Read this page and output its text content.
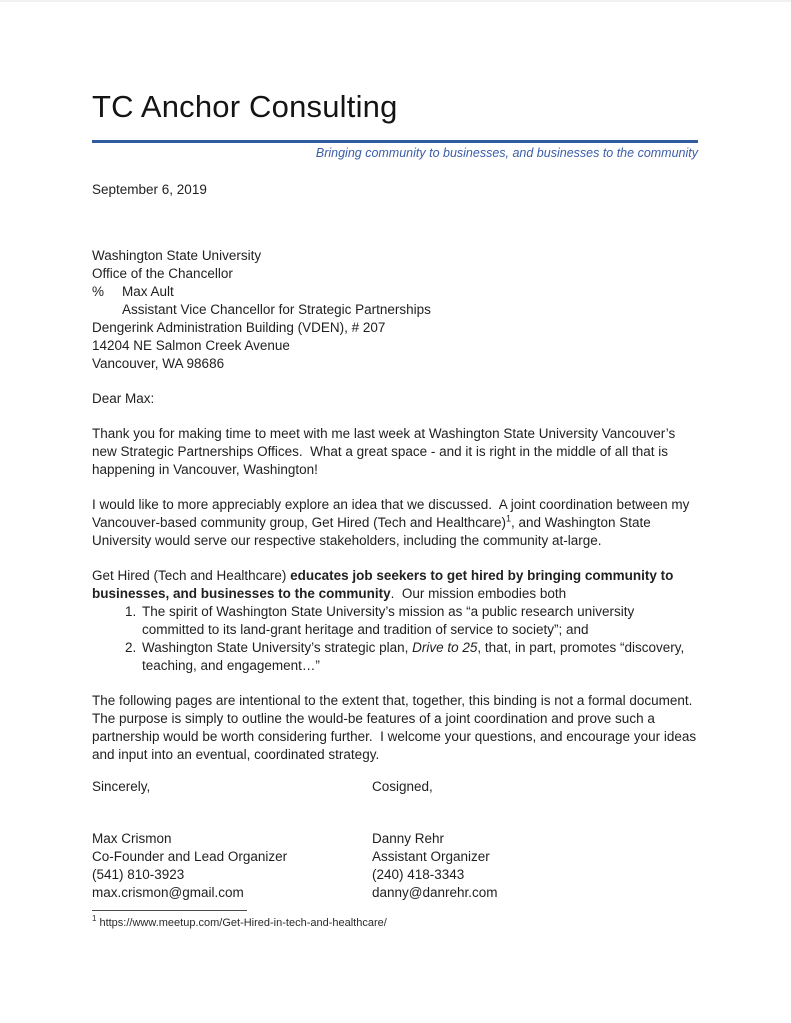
TC Anchor Consulting
Bringing community to businesses, and businesses to the community
September 6, 2019
Washington State University
Office of the Chancellor
% Max Ault
Assistant Vice Chancellor for Strategic Partnerships
Dengerink Administration Building (VDEN), # 207
14204 NE Salmon Creek Avenue
Vancouver, WA 98686

Dear Max:

Thank you for making time to meet with me last week at Washington State University Vancouver’s new Strategic Partnerships Offices.  What a great space - and it is right in the middle of all that is happening in Vancouver, Washington!

I would like to more appreciably explore an idea that we discussed.  A joint coordination between my Vancouver-based community group, Get Hired (Tech and Healthcare)$^1$, and Washington State University would serve our respective stakeholders, including the community at-large.

Get Hired (Tech and Healthcare) educates job seekers to get hired by bringing community to businesses, and businesses to the community.  Our mission embodies both

1. The spirit of Washington State University’s mission as “a public research university committed to its land-grant heritage and tradition of service to society”; and
2. Washington State University’s strategic plan, Drive to 25, that, in part, promotes “discovery, teaching, and engagement…”

The following pages are intentional to the extent that, together, this binding is not a formal document.  The purpose is simply to outline the would-be features of a joint coordination and prove such a partnership would be worth considering further.  I welcome your questions, and encourage your ideas and input into an eventual, coordinated strategy.

Sincerely,
Max Crismon
Co-Founder and Lead Organizer
(541) 810-3923
max.crismon@gmail.com
Cosigned,
Danny Rehr
Assistant Organizer
(240) 418-3343
danny@danrehr.com
$^1$ https://www.meetup.com/Get-Hired-in-tech-and-healthcare/
